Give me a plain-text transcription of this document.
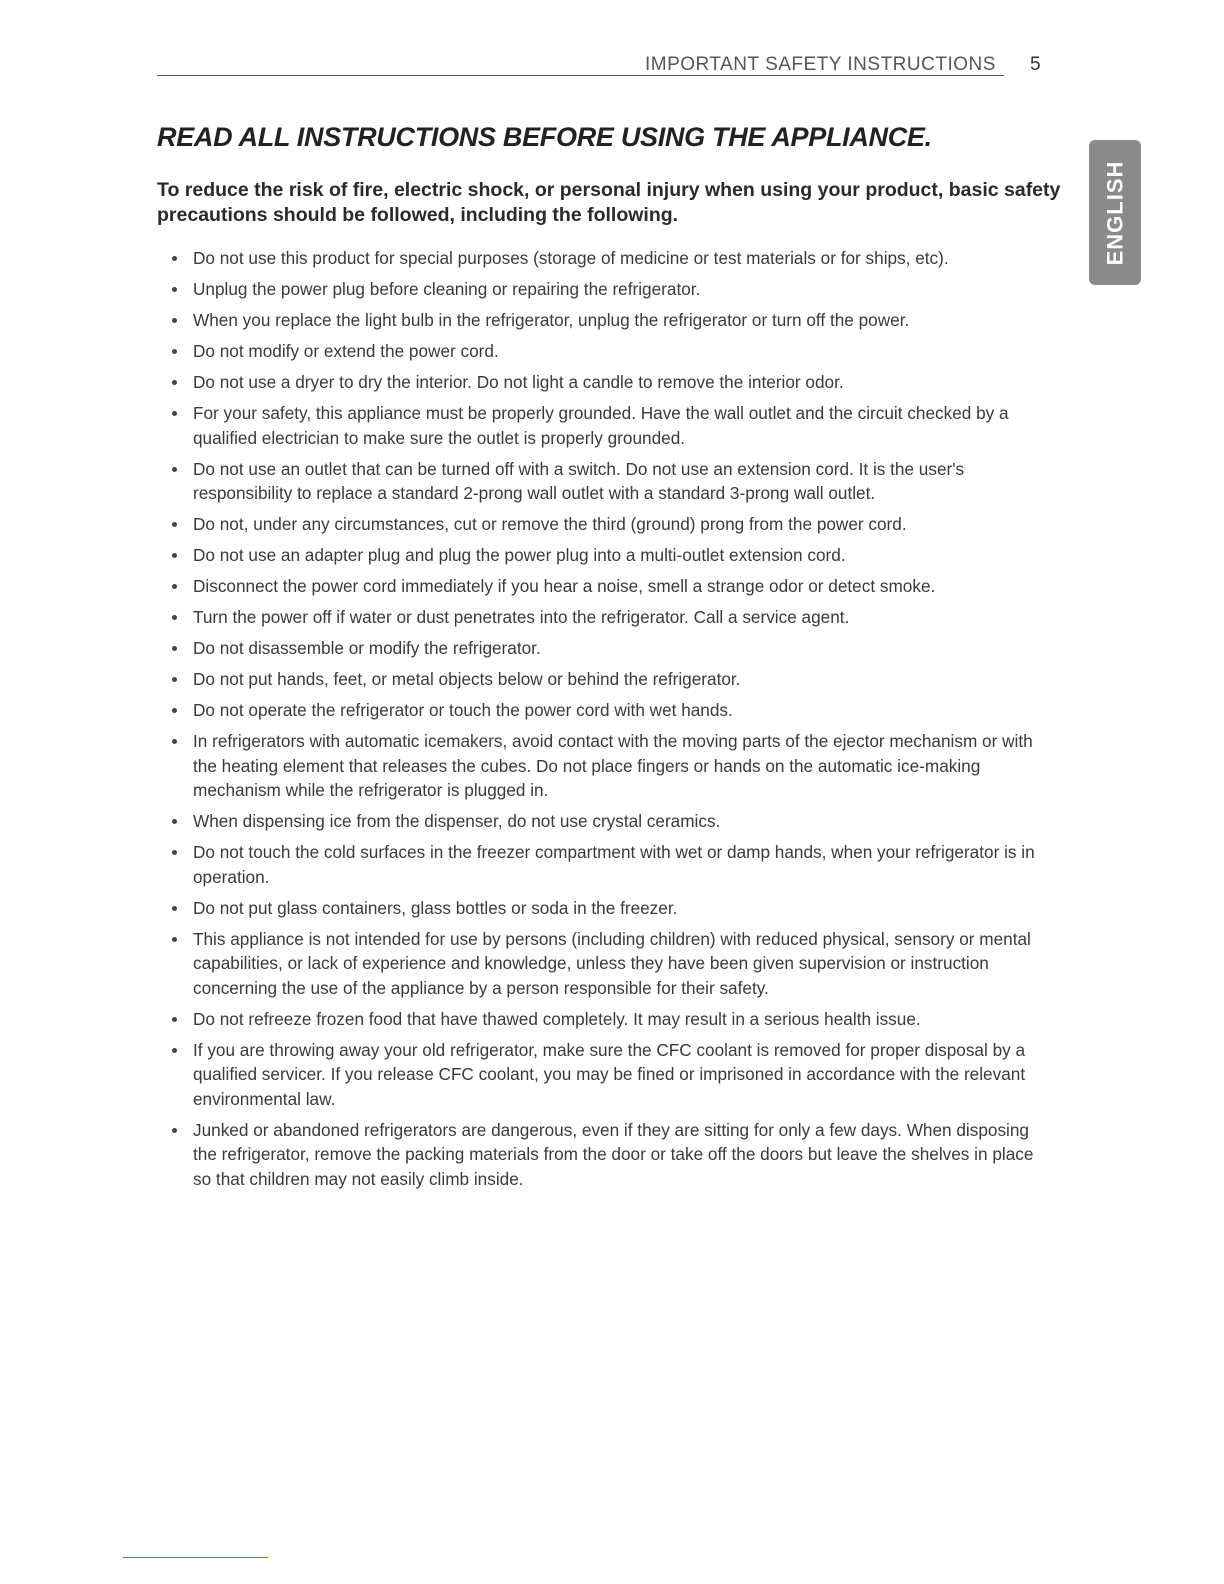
IMPORTANT SAFETY INSTRUCTIONS 5
READ ALL INSTRUCTIONS BEFORE USING THE APPLIANCE.

To reduce the risk of fire, electric shock, or personal injury when using your product, basic safety precautions should be followed, including the following.	ENGLISH
Do not use this product for special purposes (storage of medicine or test materials or for ships, etc).
Unplug the power plug before cleaning or repairing the refrigerator.
When you replace the light bulb in the refrigerator, unplug the refrigerator or turn off the power.
Do not modify or extend the power cord.
Do not use a dryer to dry the interior. Do not light a candle to remove the interior odor.
For your safety, this appliance must be properly grounded. Have the wall outlet and the circuit checked by a qualified electrician to make sure the outlet is properly grounded.
Do not use an outlet that can be turned off with a switch. Do not use an extension cord. It is the user's responsibility to replace a standard 2-prong wall outlet with a standard 3-prong wall outlet.
Do not, under any circumstances, cut or remove the third (ground) prong from the power cord.
Do not use an adapter plug and plug the power plug into a multi-outlet extension cord.
Disconnect the power cord immediately if you hear a noise, smell a strange odor or detect smoke.
Turn the power off if water or dust penetrates into the refrigerator. Call a service agent.
Do not disassemble or modify the refrigerator.
Do not put hands, feet, or metal objects below or behind the refrigerator.
Do not operate the refrigerator or touch the power cord with wet hands.
In refrigerators with automatic icemakers, avoid contact with the moving parts of the ejector mechanism or with the heating element that releases the cubes. Do not place fingers or hands on the automatic ice-making mechanism while the refrigerator is plugged in.
When dispensing ice from the dispenser, do not use crystal ceramics.
Do not touch the cold surfaces in the freezer compartment with wet or damp hands, when your refrigerator is in operation.
Do not put glass containers, glass bottles or soda in the freezer.
This appliance is not intended for use by persons (including children) with reduced physical, sensory or mental capabilities, or lack of experience and knowledge, unless they have been given supervision or instruction concerning the use of the appliance by a person responsible for their safety.
Do not refreeze frozen food that have thawed completely. It may result in a serious health issue.
If you are throwing away your old refrigerator, make sure the CFC coolant is removed for proper disposal by a qualified servicer. If you release CFC coolant, you may be fined or imprisoned in accordance with the relevant environmental law.
Junked or abandoned refrigerators are dangerous, even if they are sitting for only a few days. When disposing the refrigerator, remove the packing materials from the door or take off the doors but leave the shelves in place so that children may not easily climb inside.
